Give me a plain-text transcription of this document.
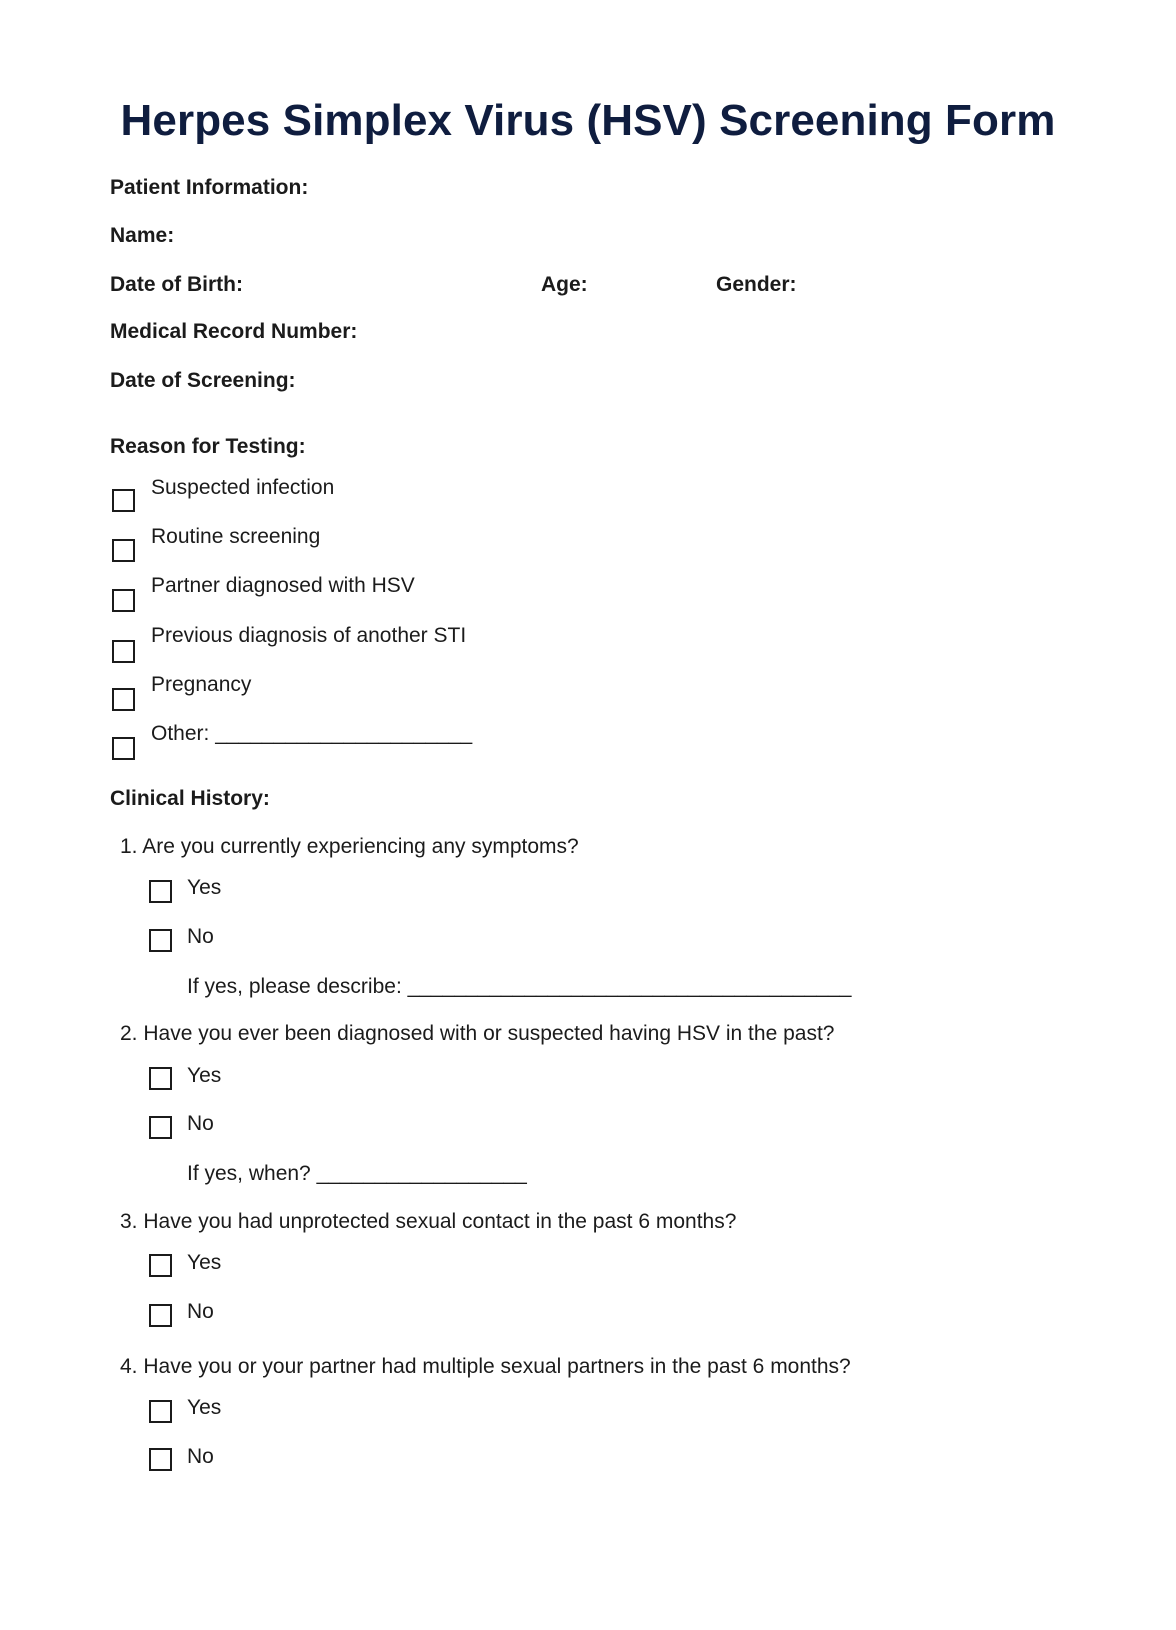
Herpes Simplex Virus (HSV) Screening Form
Patient Information:
Name:
Date of Birth:	Age:	Gender:
Medical Record Number:
Date of Screening:
Reason for Testing:
Suspected infection
Routine screening
Partner diagnosed with HSV
Previous diagnosis of another STI
Pregnancy
Other: ______________________
Clinical History:
1. Are you currently experiencing any symptoms?
Yes
No
If yes, please describe: ______________________________________
2. Have you ever been diagnosed with or suspected having HSV in the past?
Yes
No
If yes, when? __________________
3. Have you had unprotected sexual contact in the past 6 months?
Yes
No
4. Have you or your partner had multiple sexual partners in the past 6 months?
Yes
No
